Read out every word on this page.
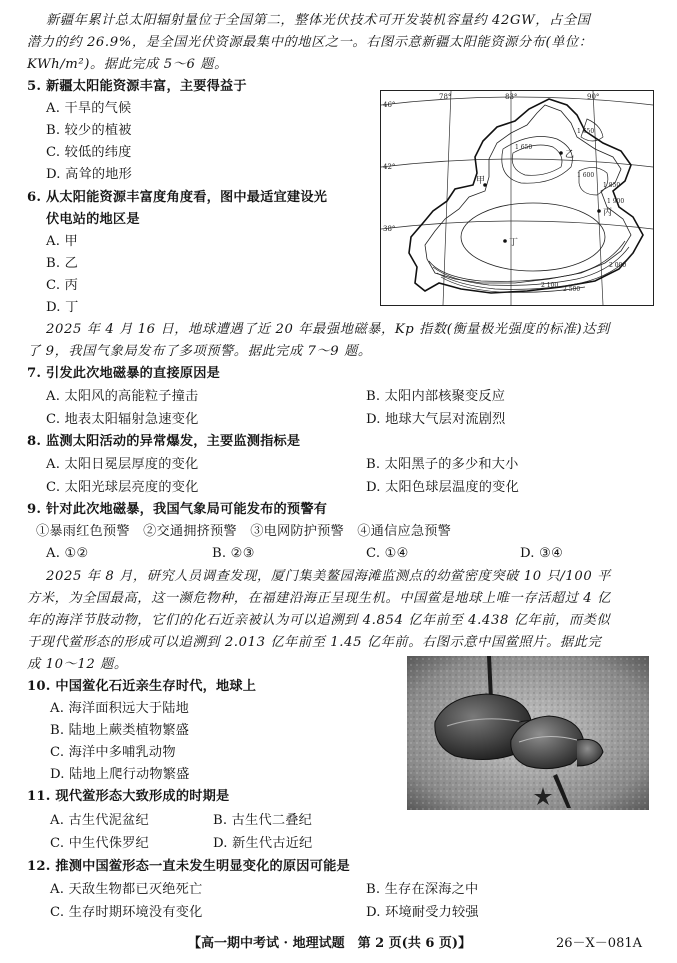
新疆年累计总太阳辐射量位于全国第二，整体光伏技术可开发装机容量约 42GW，占全国
潜力的约 26.9%，是全国光伏资源最集中的地区之一。右图示意新疆太阳能资源分布(单位：
KWh/m²)。据此完成 5～6 题。
5. 新疆太阳能资源丰富，主要得益于
A. 干旱的气候
B. 较少的植被
C. 较低的纬度
D. 高耸的地形
6. 从太阳能资源丰富度角度看，图中最适宜建设光
伏电站的地区是
A. 甲
B. 乙
C. 丙
D. 丁
78°	83°	90°
46°
42°
38°
1 650
1 650
1 600
1 850
1 900
2 000
2 100
2 500
甲
乙
丙
丁
2025 年 4 月 16 日，地球遭遇了近 20 年最强地磁暴，Kp 指数(衡量极光强度的标准)达到
了 9，我国气象局发布了多项预警。据此完成 7～9 题。
7. 引发此次地磁暴的直接原因是
A. 太阳风的高能粒子撞击	B. 太阳内部核聚变反应
C. 地表太阳辐射急速变化	D. 地球大气层对流剧烈
8. 监测太阳活动的异常爆发，主要监测指标是
A. 太阳日冕层厚度的变化	B. 太阳黑子的多少和大小
C. 太阳光球层亮度的变化	D. 太阳色球层温度的变化
9. 针对此次地磁暴，我国气象局可能发布的预警有
①暴雨红色预警　②交通拥挤预警　③电网防护预警　④通信应急预警
A. ①②	B. ②③	C. ①④	D. ③④
2025 年 8 月，研究人员调查发现，厦门集美鳌园海滩监测点的幼鲎密度突破 10 只/100 平
方米，为全国最高，这一濒危物种，在福建沿海正呈现生机。中国鲎是地球上唯一存活超过 4 亿
年的海洋节肢动物，它们的化石近亲被认为可以追溯到 4.854 亿年前至 4.438 亿年前，而类似
于现代鲎形态的形成可以追溯到 2.013 亿年前至 1.45 亿年前。右图示意中国鲎照片。据此完
成 10～12 题。
10. 中国鲎化石近亲生存时代，地球上
A. 海洋面积远大于陆地
B. 陆地上蕨类植物繁盛
C. 海洋中多哺乳动物
D. 陆地上爬行动物繁盛
11. 现代鲎形态大致形成的时期是
A. 古生代泥盆纪	B. 古生代二叠纪
C. 中生代侏罗纪	D. 新生代古近纪
12. 推测中国鲎形态一直未发生明显变化的原因可能是
A. 天敌生物都已灭绝死亡	B. 生存在深海之中
C. 生存时期环境没有变化	D. 环境耐受力较强
【高一期中考试 · 地理试题　第 2 页(共 6 页)】	26－X－081A
